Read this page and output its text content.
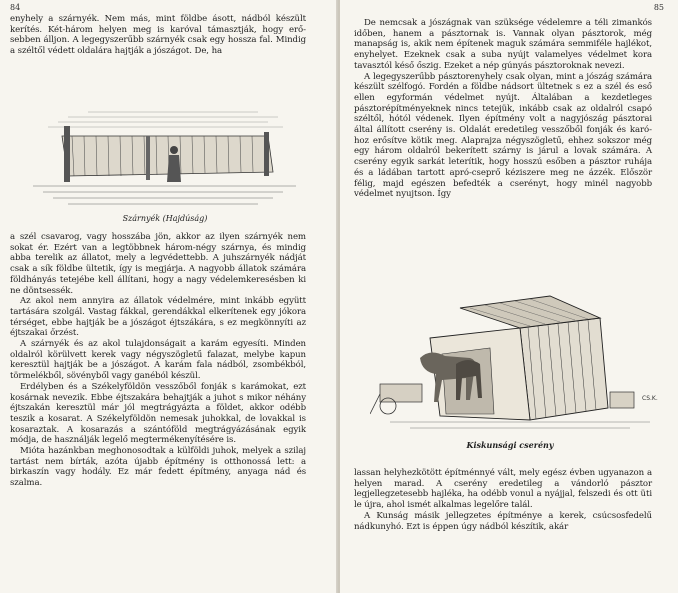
84

enyhely a szárnyék. Nem más, mint földbe ásott, nádból készült kerítés. Két-három helyen meg is karóval támasztják, hogy erősebben álljon. A legegyszerűbb szárnyék csak egy hossza fal. Mindig a széltől védett oldalára hajtják a jószágot. De, ha

Szárnyék (Hajdúság)

a szél csavarog, vagy hosszába jön, akkor az ilyen szárnyék nem sokat ér. Ezért van a legtöbbnek három-négy szárnya, és mindig abba terelik az állatot, mely a legvédettebb. A juhszárnyék nádját csak a sík földbe ültetik, így is megjárja. A nagyobb állatok számára földhányás tetejébe kell állítani, hogy a nagy védelemkeresésben ki ne döntsessék.

Az akol nem annyira az állatok védelmére, mint inkább együtt tartására szolgál. Vastag fákkal, gerendákkal elkerítenek egy jókora térséget, ebbe hajtják be a jószágot éjtszákára, s ez megkönnyíti az éjtszakai őrzést.

A szárnyék és az akol tulajdonságait a karám egyesíti. Minden oldalról körülvett kerek vagy négyszögletű falazat, melybe kapun keresztül hajtják be a jószágot. A karám fala nádból, zsombékból, törmelékből, sövényből vagy ganéból készül.

Erdélyben és a Székelyföldön vesszőből fonják s karámokat, ezt kosárnak nevezik. Ebbe éjtszakára behajtják a juhot s mikor néhány éjtszakán keresztül már jól megtrágyázta a földet, akkor odébb teszik a kosarat. A Székelyföldön nemesak juhokkal, de lovakkal is kosaraztak. A kosarazás a szántóföld megtrágyázásának egyik módja, de használják legelő megtermékenyítésére is.

Mióta hazánkban meghonosodtak a külföldi juhok, melyek a szilaj tartást nem bírták, azóta újabb építmény is otthonossá lett: a birkaszín vagy hodály. Ez már fedett építmény, anyaga nád és szalma.

85

De nemcsak a jószágnak van szüksége védelemre a téli zimankós időben, hanem a pásztornak is. Vannak olyan pásztorok, még manapság is, akik nem építenek maguk számára semmiféle hajlékot, enyhelyet. Ezeknek csak a suba nyújt valamelyes védelmet kora tavasztól késő őszig. Ezeket a nép gúnyás pásztoroknak nevezi.

A legegyszerűbb pásztorenyhely csak olyan, mint a jószág számára készült szélfogó. Fordén a földbe nádsort ültetnek s ez a szél és eső ellen egyformán védelmet nyújt. Általában a kezdetleges pásztorépítményeknek nincs tetejük, inkább csak az oldalról csapó széltől, hótól védenek. Ilyen építmény volt a nagyjószág pásztorai által állított cserény is. Oldalát eredetileg vesszőből fonják és karóhoz erősítve kötik meg. Alaprajza négyszögletű, ehhez sokszor még egy három oldalról bekerített szárny is járul a lovak számára. A cserény egyik sarkát leterítik, hogy hosszú esőben a pásztor ruhája és a ládában tartott apró-cseprő kéziszere meg ne ázzék. Először félig, majd egészen befedték a cserényt, hogy minél nagyobb védelmet nyujtson. Így

CS.K.
Kiskunsági cserény

lassan helyhezkötött építménnyé vált, mely egész évben ugyanazon a helyen marad. A cserény eredetileg a vándorló pásztor legjellegzetesebb hajléka, ha odébb vonul a nyájjal, felszedi és ott üti le újra, ahol ismét alkalmas legelőre talál.

A Kunság másik jellegzetes építménye a kerek, csúcsosfedelű nádkunyhó. Ezt is éppen úgy nádból készítik, akár
